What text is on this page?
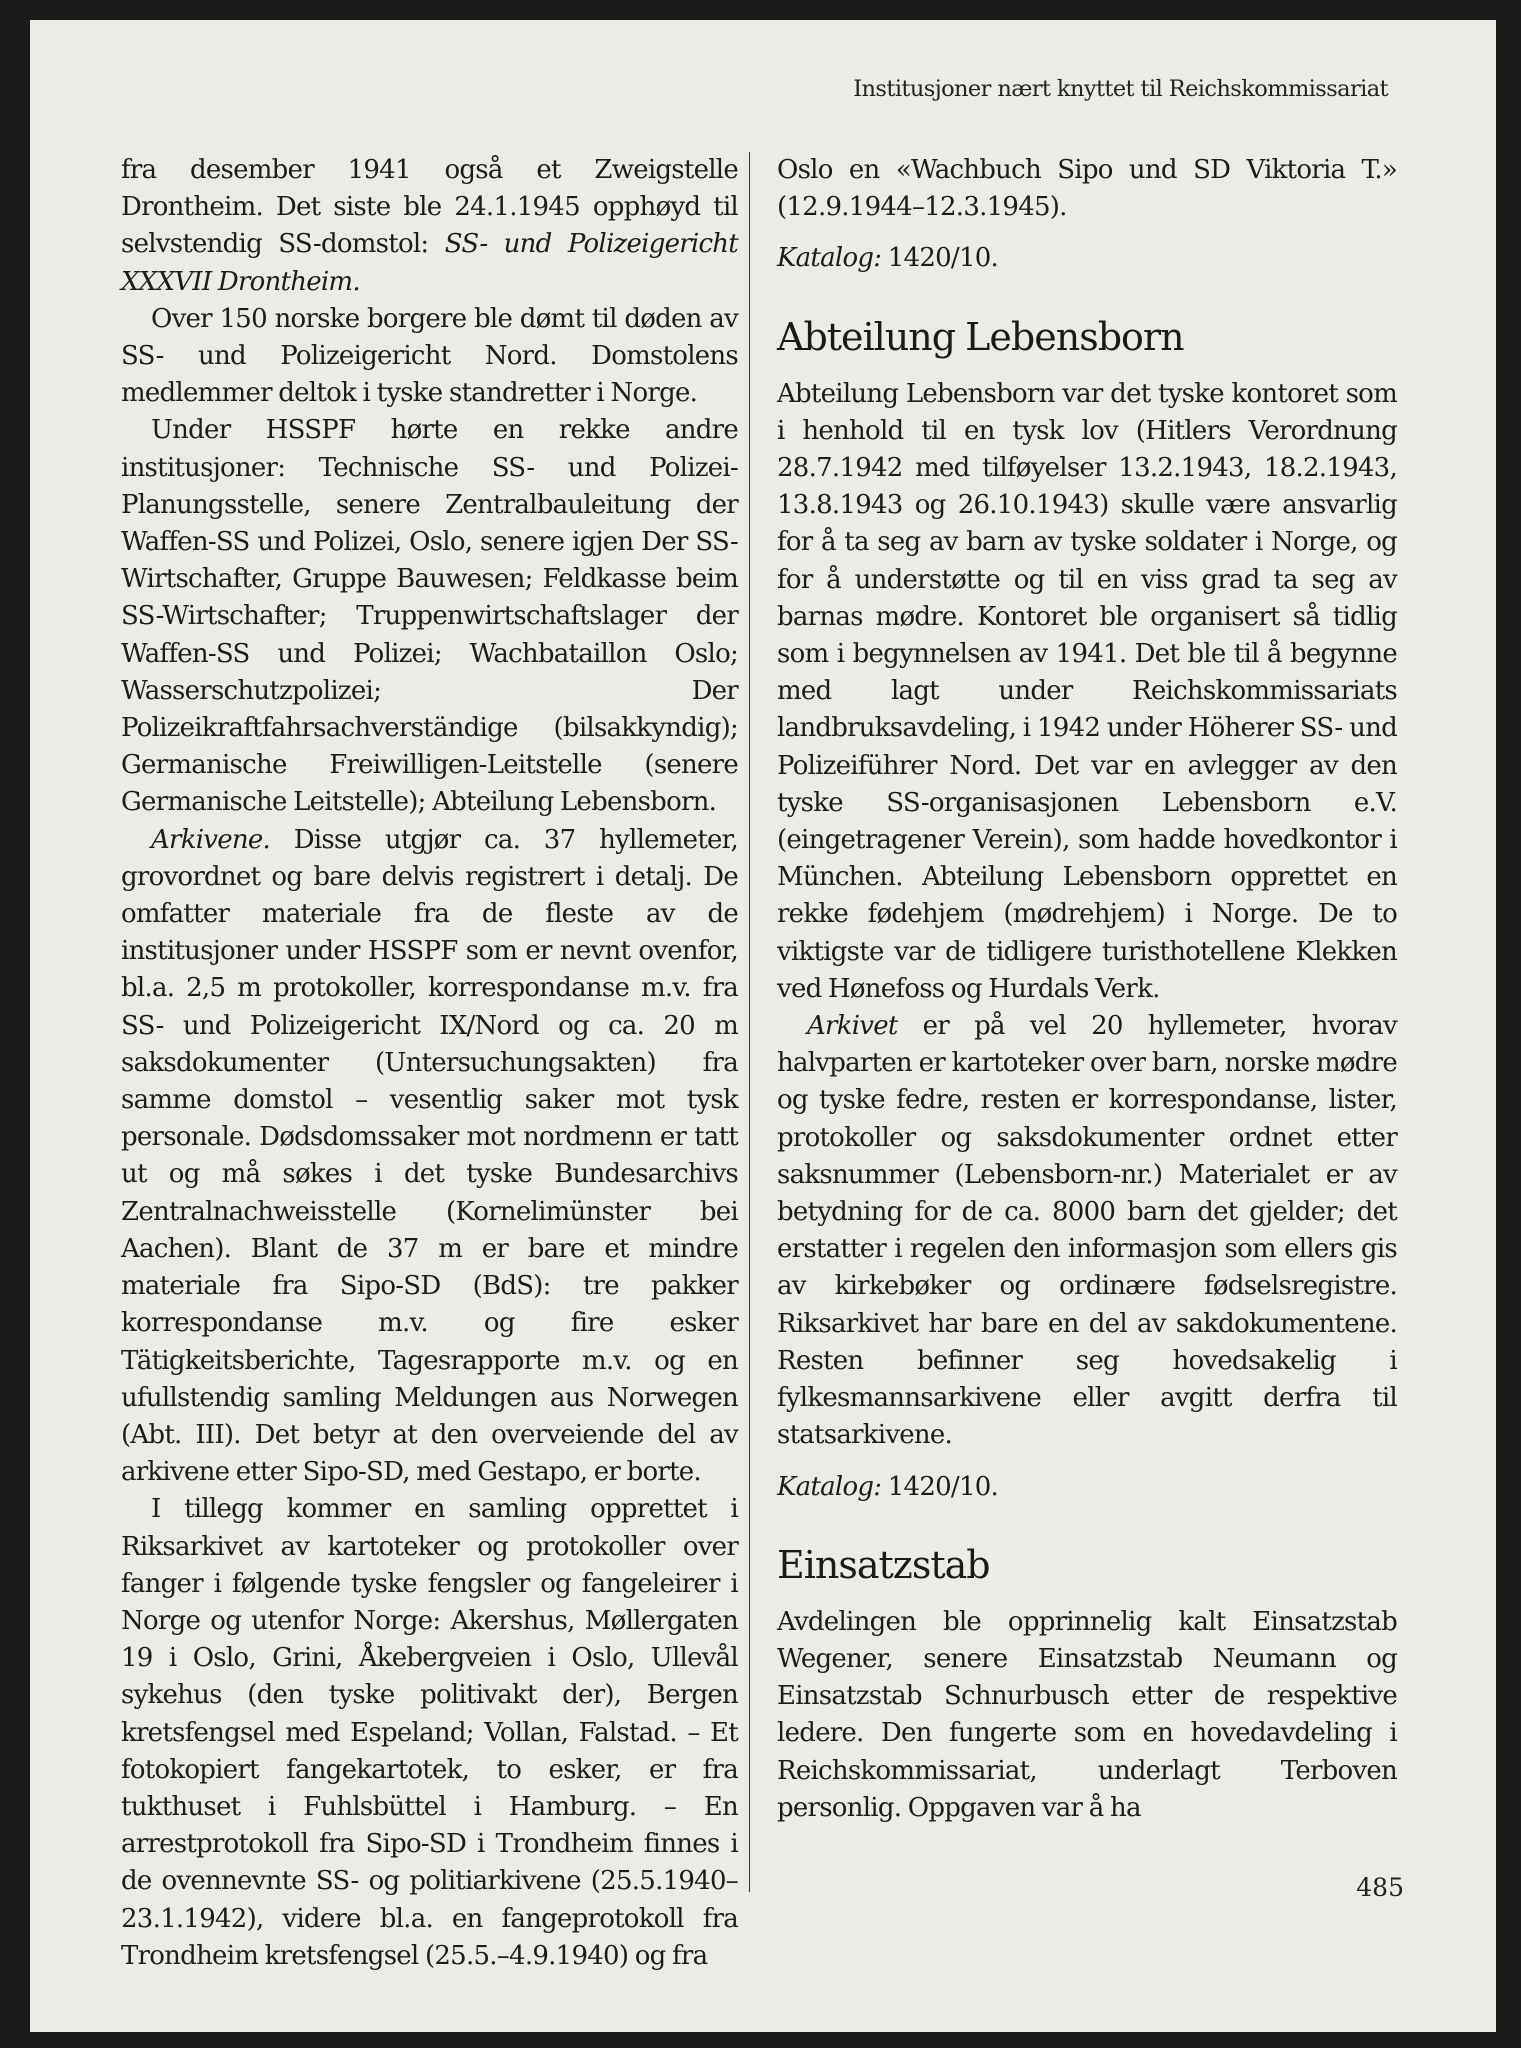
Institusjoner nært knyttet til Reichskommissariat

fra desember 1941 også et Zweigstelle Drontheim. Det siste ble 24.1.1945 opphøyd til selvstendig SS-domstol: SS- und Polizeigericht XXXVII Drontheim.

Over 150 norske borgere ble dømt til døden av SS- und Polizeigericht Nord. Domstolens medlemmer deltok i tyske standretter i Norge.

Under HSSPF hørte en rekke andre institusjoner: Technische SS- und Polizei-Planungsstelle, senere Zentralbauleitung der Waffen-SS und Polizei, Oslo, senere igjen Der SS-Wirtschafter, Gruppe Bauwesen; Feldkasse beim SS-Wirtschafter; Truppenwirtschaftslager der Waffen-SS und Polizei; Wachbataillon Oslo; Wasserschutzpolizei; Der Polizeikraftfahrsachverständige (bilsakkyndig); Germanische Freiwilligen-Leitstelle (senere Germanische Leitstelle); Abteilung Lebensborn.

Arkivene. Disse utgjør ca. 37 hyllemeter, grovordnet og bare delvis registrert i detalj. De omfatter materiale fra de fleste av de institusjoner under HSSPF som er nevnt ovenfor, bl.a. 2,5 m protokoller, korrespondanse m.v. fra SS- und Polizeigericht IX/Nord og ca. 20 m saksdokumenter (Untersuchungsakten) fra samme domstol – vesentlig saker mot tysk personale. Dødsdomssaker mot nordmenn er tatt ut og må søkes i det tyske Bundesarchivs Zentralnachweisstelle (Kornelimünster bei Aachen). Blant de 37 m er bare et mindre materiale fra Sipo-SD (BdS): tre pakker korrespondanse m.v. og fire esker Tätigkeitsberichte, Tagesrapporte m.v. og en ufullstendig samling Meldungen aus Norwegen (Abt. III). Det betyr at den overveiende del av arkivene etter Sipo-SD, med Gestapo, er borte.

I tillegg kommer en samling opprettet i Riksarkivet av kartoteker og protokoller over fanger i følgende tyske fengsler og fangeleirer i Norge og utenfor Norge: Akershus, Møllergaten 19 i Oslo, Grini, Åkebergveien i Oslo, Ullevål sykehus (den tyske politivakt der), Bergen kretsfengsel med Espeland; Vollan, Falstad. – Et fotokopiert fangekartotek, to esker, er fra tukthuset i Fuhlsbüttel i Hamburg. – En arrestprotokoll fra Sipo-SD i Trondheim finnes i de ovennevnte SS- og politiarkivene (25.5.1940–23.1.1942), videre bl.a. en fangeprotokoll fra Trondheim kretsfengsel (25.5.–4.9.1940) og fra

Oslo en «Wachbuch Sipo und SD Viktoria T.» (12.9.1944–12.3.1945).

Katalog: 1420/10.

Abteilung Lebensborn

Abteilung Lebensborn var det tyske kontoret som i henhold til en tysk lov (Hitlers Verordnung 28.7.1942 med tilføyelser 13.2.1943, 18.2.1943, 13.8.1943 og 26.10.1943) skulle være ansvarlig for å ta seg av barn av tyske soldater i Norge, og for å understøtte og til en viss grad ta seg av barnas mødre. Kontoret ble organisert så tidlig som i begynnelsen av 1941. Det ble til å begynne med lagt under Reichskommissariats landbruksavdeling, i 1942 under Höherer SS- und Polizeiführer Nord. Det var en avlegger av den tyske SS-organisasjonen Lebensborn e.V. (eingetragener Verein), som hadde hovedkontor i München. Abteilung Lebensborn opprettet en rekke fødehjem (mødrehjem) i Norge. De to viktigste var de tidligere turisthotellene Klekken ved Hønefoss og Hurdals Verk.

Arkivet er på vel 20 hyllemeter, hvorav halvparten er kartoteker over barn, norske mødre og tyske fedre, resten er korrespondanse, lister, protokoller og saksdokumenter ordnet etter saksnummer (Lebensborn-nr.) Materialet er av betydning for de ca. 8000 barn det gjelder; det erstatter i regelen den informasjon som ellers gis av kirkebøker og ordinære fødselsregistre. Riksarkivet har bare en del av sakdokumentene. Resten befinner seg hovedsakelig i fylkesmannsarkivene eller avgitt derfra til statsarkivene.

Katalog: 1420/10.

Einsatzstab

Avdelingen ble opprinnelig kalt Einsatzstab Wegener, senere Einsatzstab Neumann og Einsatzstab Schnurbusch etter de respektive ledere. Den fungerte som en hovedavdeling i Reichskommissariat, underlagt Terboven personlig. Oppgaven var å ha

485
